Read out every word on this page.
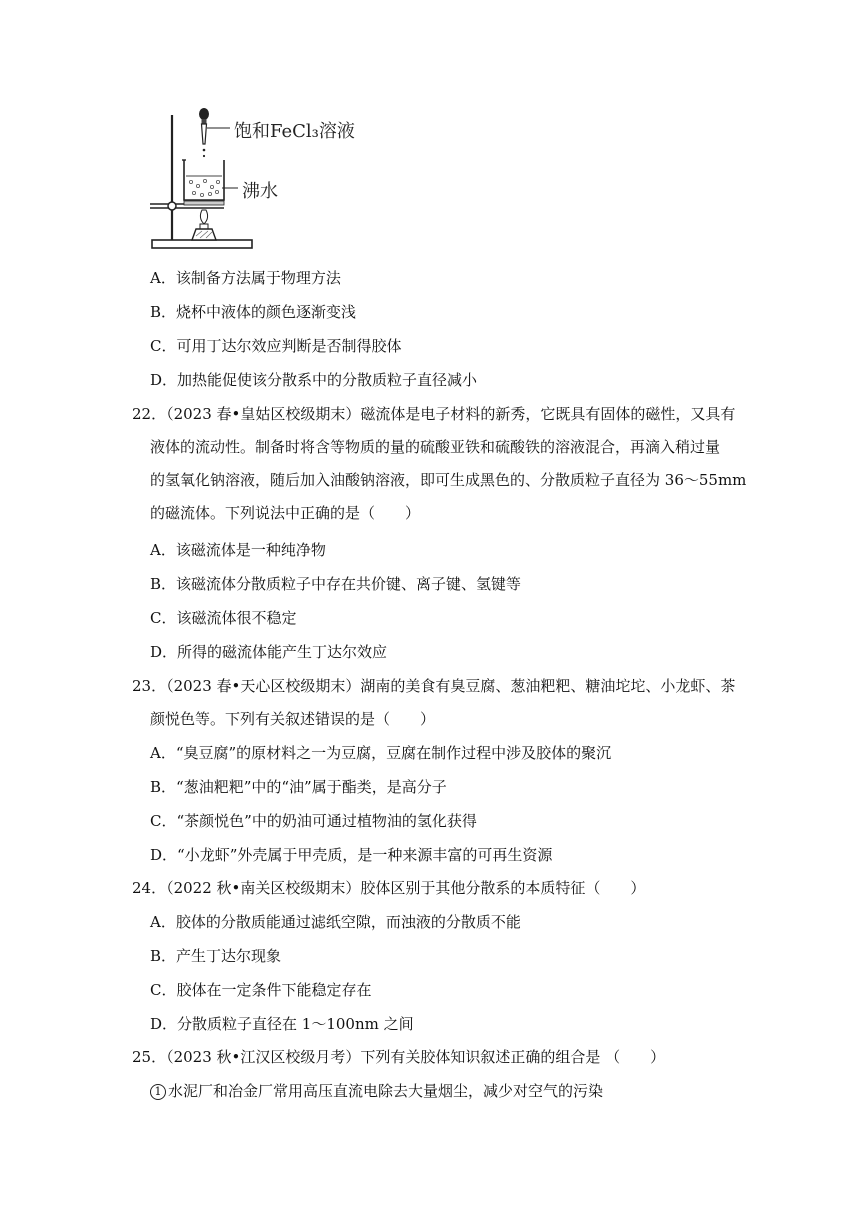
饱和FeCl₃溶液
沸水
A．该制备方法属于物理方法
B．烧杯中液体的颜色逐渐变浅
C．可用丁达尔效应判断是否制得胶体
D．加热能促使该分散系中的分散质粒子直径减小
22．（2023 春•皇姑区校级期末）磁流体是电子材料的新秀，它既具有固体的磁性，又具有
液体的流动性。制备时将含等物质的量的硫酸亚铁和硫酸铁的溶液混合，再滴入稍过量
的氢氧化钠溶液，随后加入油酸钠溶液，即可生成黑色的、分散质粒子直径为 36～55mm
的磁流体。下列说法中正确的是（　　）
A．该磁流体是一种纯净物
B．该磁流体分散质粒子中存在共价键、离子键、氢键等
C．该磁流体很不稳定
D．所得的磁流体能产生丁达尔效应
23．（2023 春•天心区校级期末）湖南的美食有臭豆腐、葱油粑粑、糖油坨坨、小龙虾、茶
颜悦色等。下列有关叙述错误的是（　　）
A．“臭豆腐”的原材料之一为豆腐，豆腐在制作过程中涉及胶体的聚沉
B．“葱油粑粑”中的“油”属于酯类，是高分子
C．“茶颜悦色”中的奶油可通过植物油的氢化获得
D．“小龙虾”外壳属于甲壳质，是一种来源丰富的可再生资源
24．（2022 秋•南关区校级期末）胶体区别于其他分散系的本质特征（　　）
A．胶体的分散质能通过滤纸空隙，而浊液的分散质不能
B．产生丁达尔现象
C．胶体在一定条件下能稳定存在
D．分散质粒子直径在 1～100nm 之间
25．（2023 秋•江汉区校级月考）下列有关胶体知识叙述正确的组合是 （　　）
1 水泥厂和冶金厂常用高压直流电除去大量烟尘，减少对空气的污染
